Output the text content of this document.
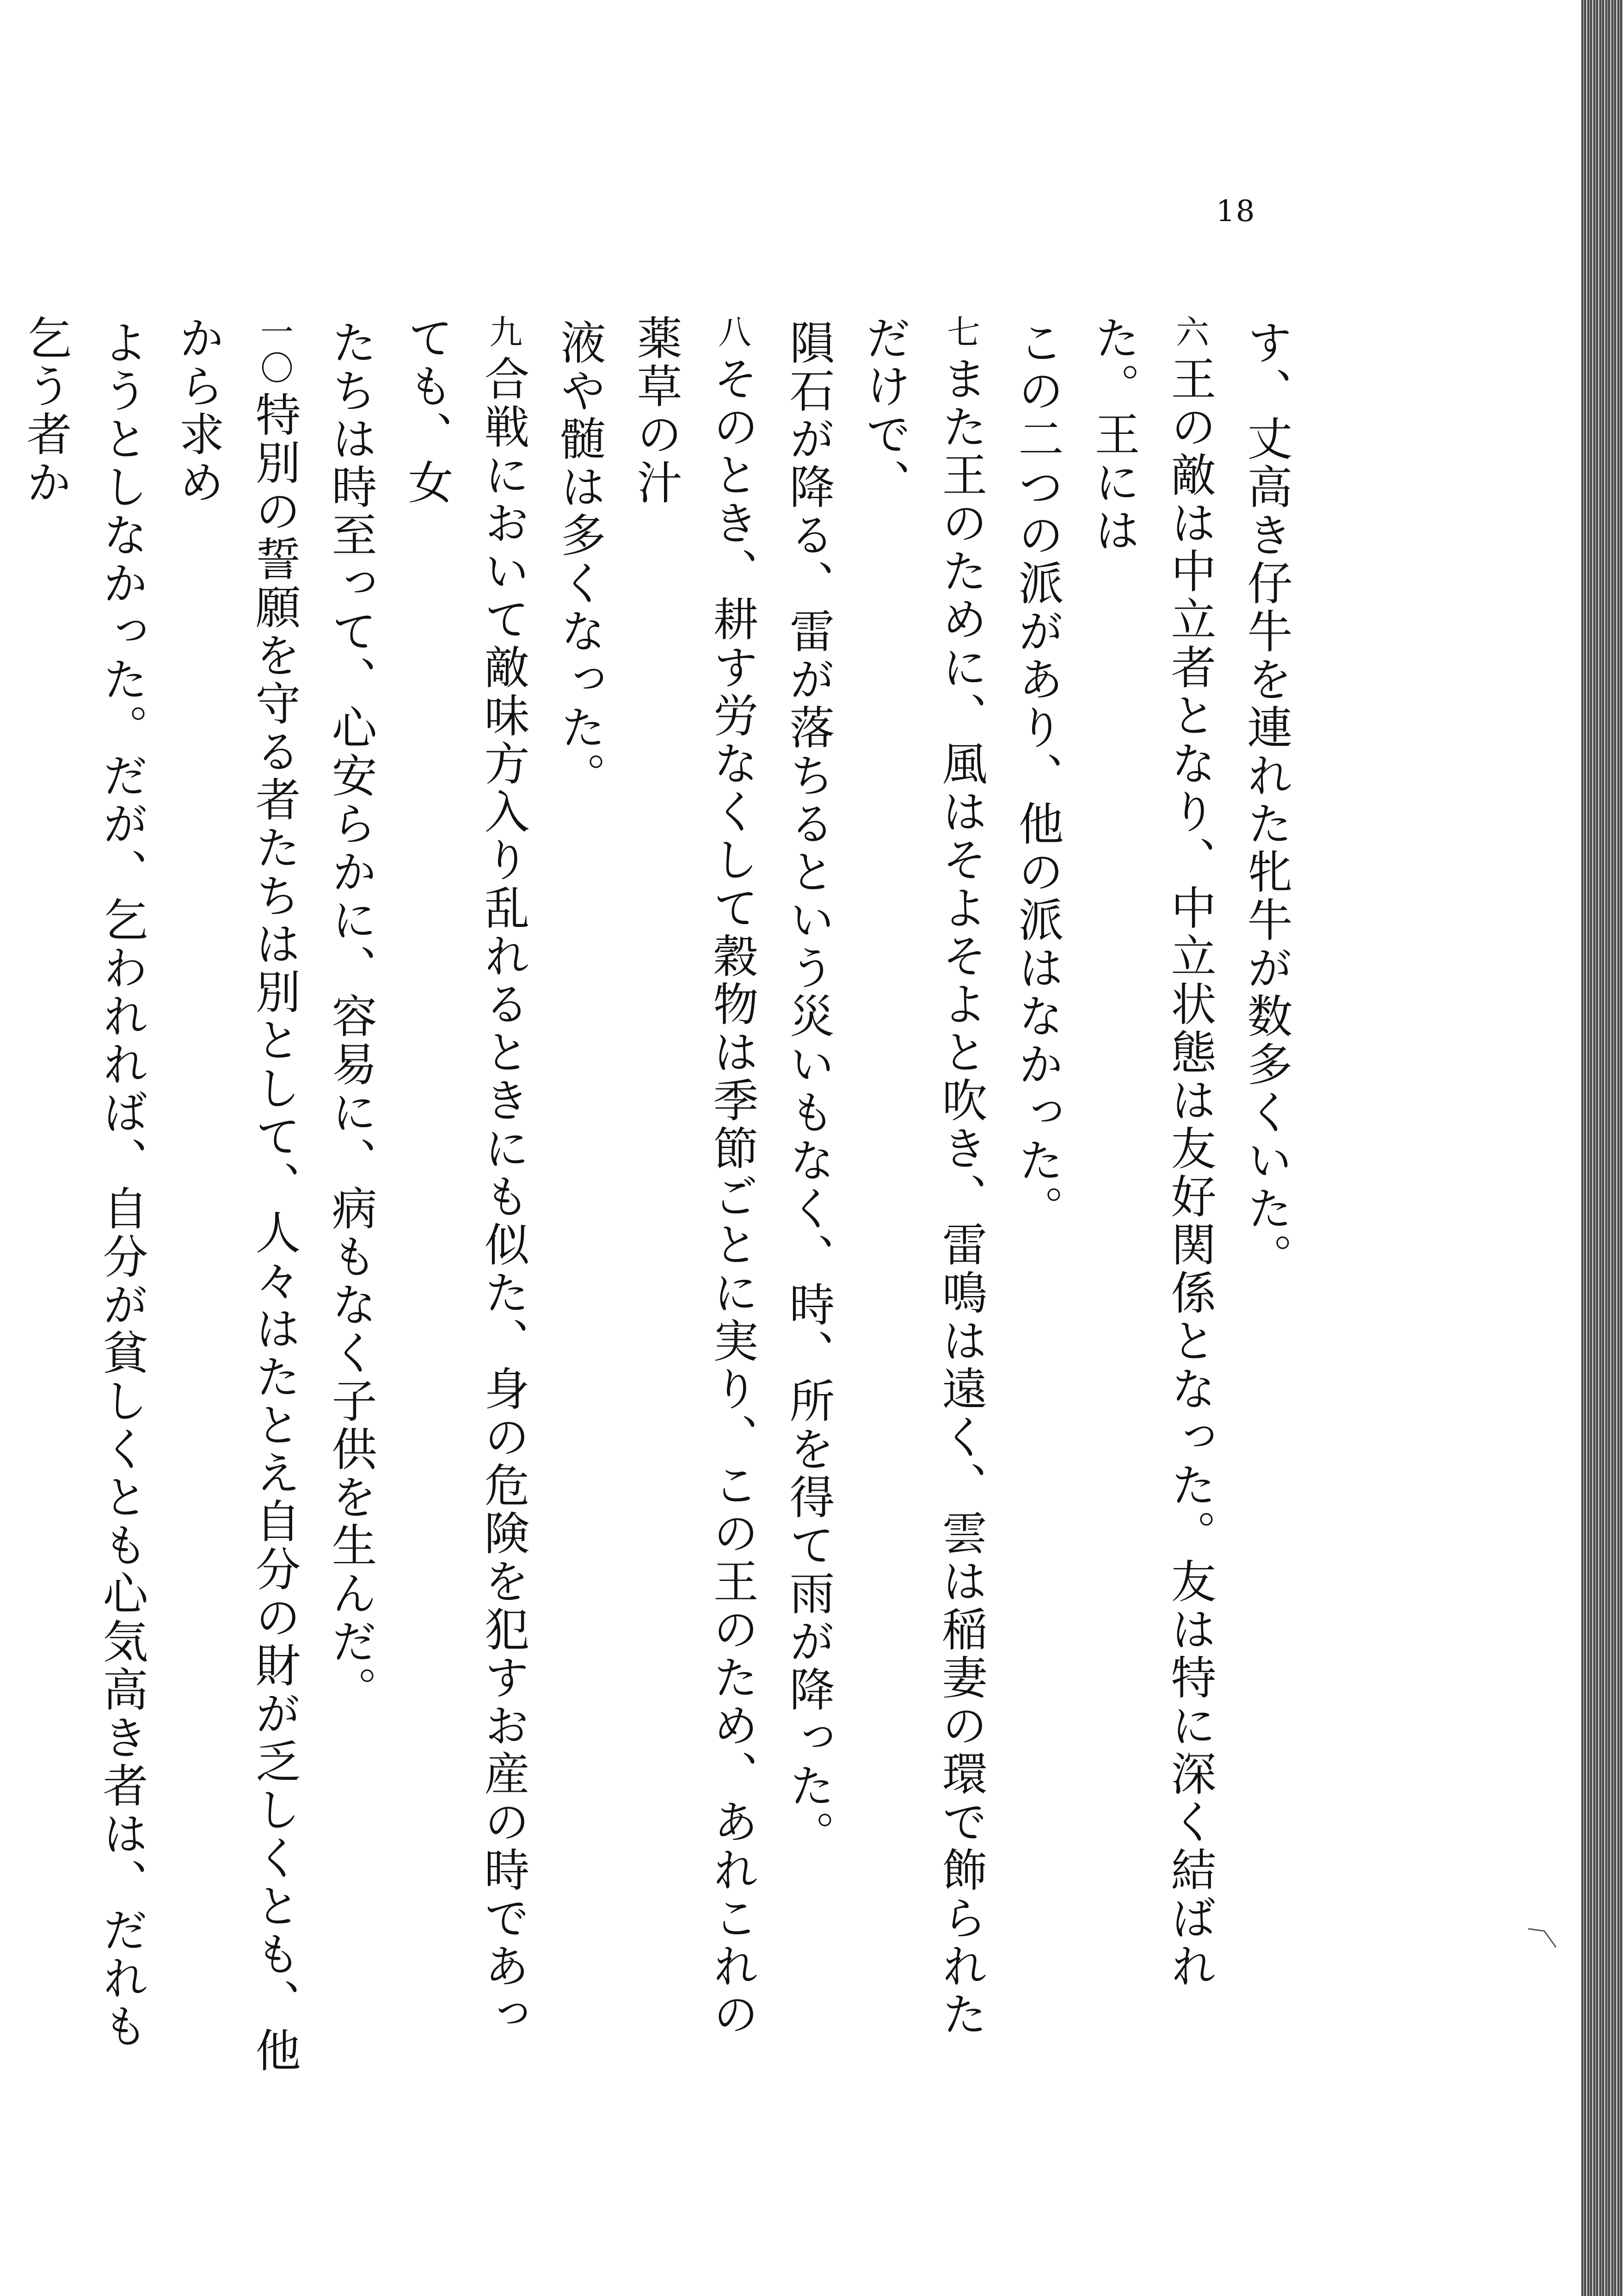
18

す、丈高き仔牛を連れた牝牛が数多くいた。

六王の敵は中立者となり、中立状態は友好関係となった。友は特に深く結ばれた。王には

この二つの派があり、他の派はなかった。

七また王のために、風はそよそよと吹き、雷鳴は遠く、雲は稲妻の環で飾られただけで、

隕石が降る、雷が落ちるという災いもなく、時、所を得て雨が降った。

八そのとき、耕す労なくして穀物は季節ごとに実り、この王のため、あれこれの薬草の汁

液や髄は多くなった。

九合戦において敵味方入り乱れるときにも似た、身の危険を犯すお産の時であっても、女

たちは時至って、心安らかに、容易に、病もなく子供を生んだ。

一〇特別の誓願を守る者たちは別として、人々はたとえ自分の財が乏しくとも、他から求め

ようとしなかった。だが、乞われれば、自分が貧しくとも心気高き者は、だれも乞う者か
